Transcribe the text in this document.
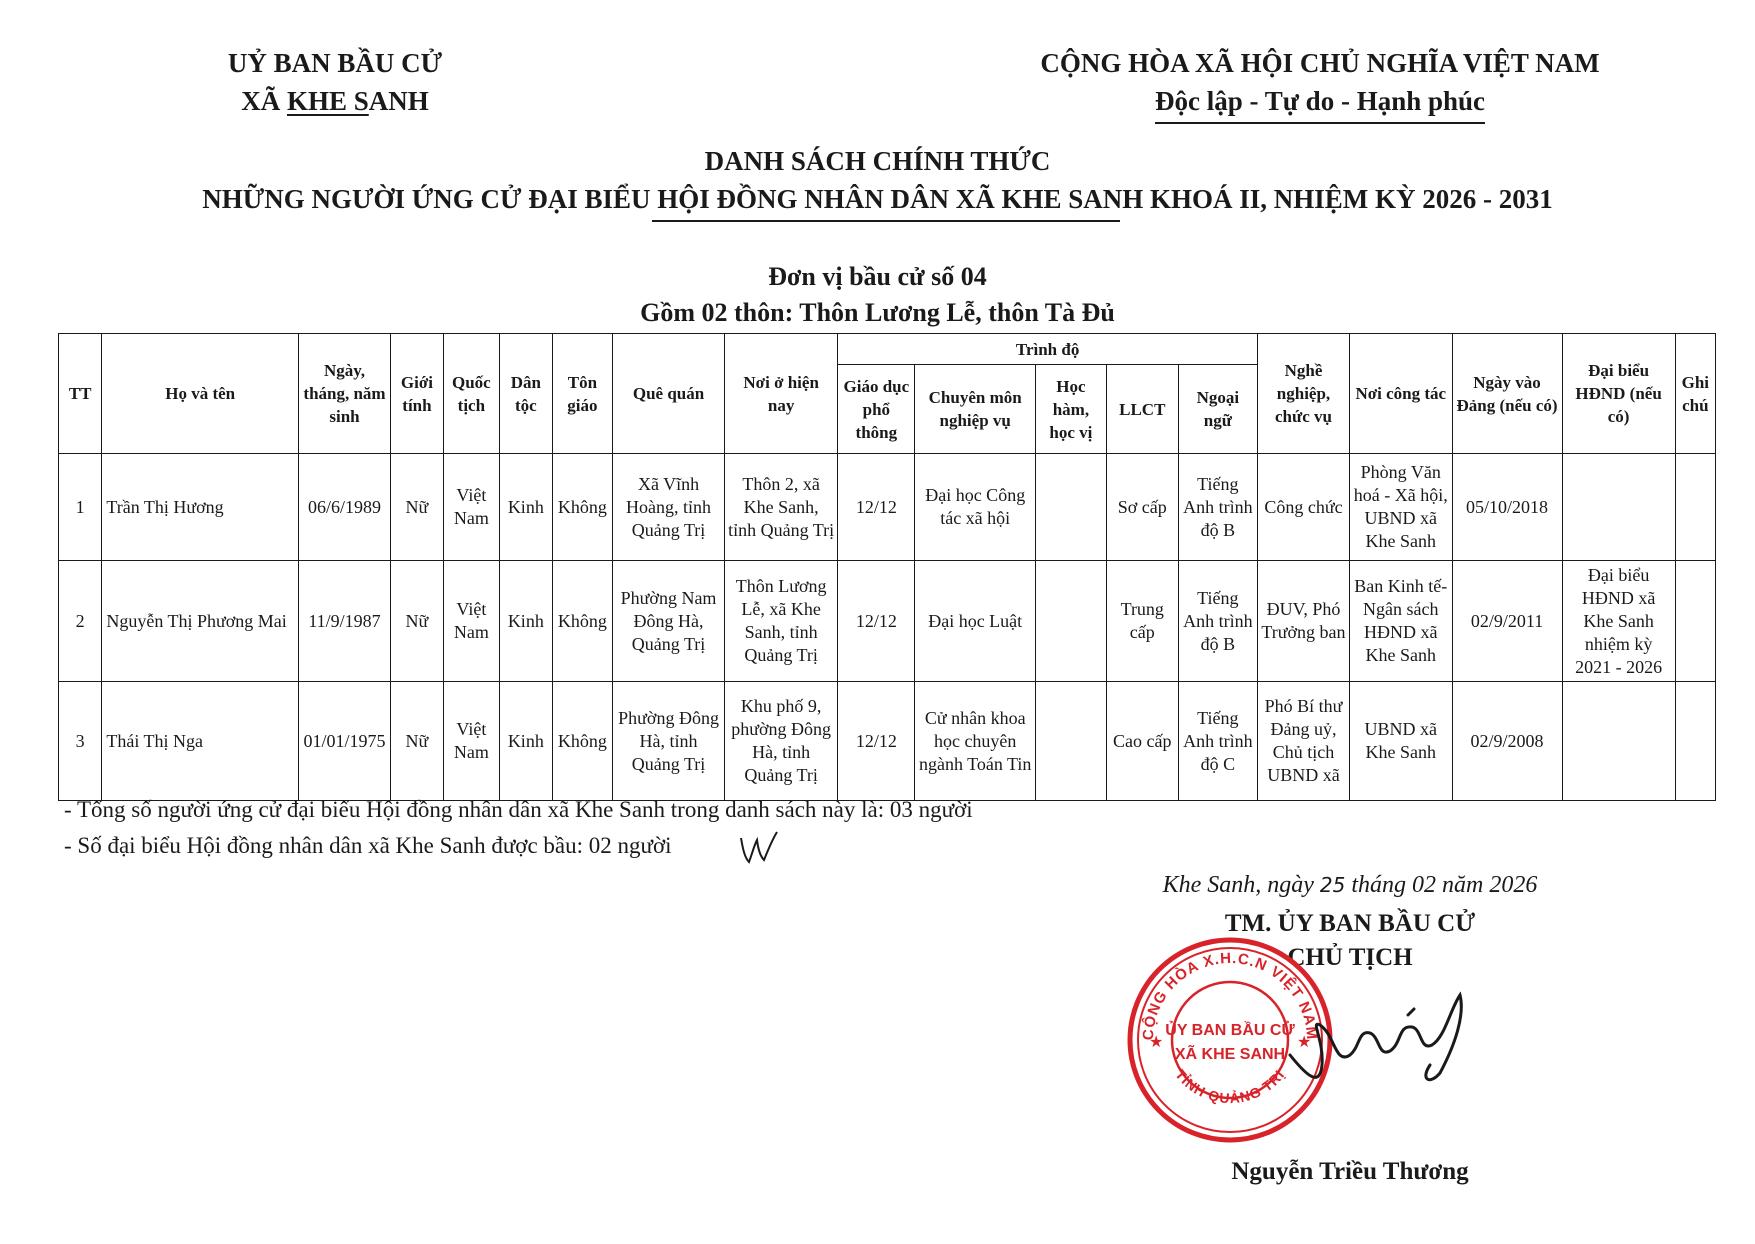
UỶ BAN BẦU CỬ
XÃ KHE SANH
CỘNG HÒA XÃ HỘI CHỦ NGHĨA VIỆT NAM
Độc lập - Tự do - Hạnh phúc
DANH SÁCH CHÍNH THỨC
NHỮNG NGƯỜI ỨNG CỬ ĐẠI BIỂU HỘI ĐỒNG NHÂN DÂN XÃ KHE SANH KHOÁ II, NHIỆM KỲ 2026 - 2031
Đơn vị bầu cử số 04
Gồm 02 thôn: Thôn Lương Lễ, thôn Tà Đủ
TT	Họ và tên	Ngày, tháng, năm sinh	Giới tính	Quốc tịch	Dân tộc	Tôn giáo	Quê quán	Nơi ở hiện nay	Trình độ					Nghề nghiệp, chức vụ	Nơi công tác	Ngày vào Đảng (nếu có)	Đại biểu HĐND (nếu có)	Ghi chú
									Giáo dục phổ thông	Chuyên môn nghiệp vụ	Học hàm, học vị	LLCT	Ngoại ngữ					
1	Trần Thị Hương	06/6/1989	Nữ	Việt Nam	Kinh	Không	Xã Vĩnh Hoàng, tỉnh Quảng Trị	Thôn 2, xã Khe Sanh, tỉnh Quảng Trị	12/12	Đại học Công tác xã hội		Sơ cấp	Tiếng Anh trình độ B	Công chức	Phòng Văn hoá - Xã hội, UBND xã Khe Sanh	05/10/2018		
2	Nguyễn Thị Phương Mai	11/9/1987	Nữ	Việt Nam	Kinh	Không	Phường Nam Đông Hà, Quảng Trị	Thôn Lương Lễ, xã Khe Sanh, tỉnh Quảng Trị	12/12	Đại học Luật		Trung cấp	Tiếng Anh trình độ B	ĐUV, Phó Trưởng ban	Ban Kinh tế-Ngân sách HĐND xã Khe Sanh	02/9/2011	Đại biểu HĐND xã Khe Sanh nhiệm kỳ 2021 - 2026	
3	Thái Thị Nga	01/01/1975	Nữ	Việt Nam	Kinh	Không	Phường Đông Hà, tỉnh Quảng Trị	Khu phố 9, phường Đông Hà, tỉnh Quảng Trị	12/12	Cử nhân khoa học chuyên ngành Toán Tin		Cao cấp	Tiếng Anh trình độ C	Phó Bí thư Đảng uỷ, Chủ tịch UBND xã	UBND xã Khe Sanh	02/9/2008		
- Tổng số người ứng cử đại biểu Hội đồng nhân dân xã Khe Sanh trong danh sách này là: 03 người
- Số đại biểu Hội đồng nhân dân xã Khe Sanh được bầu: 02 người
Khe Sanh, ngày 25 tháng 02 năm 2026
TM. ỦY BAN BẦU CỬ
CHỦ TỊCH
CỘNG HÒA X.H.C.N VIỆT NAM
TỈNH QUẢNG TRỊ
ỦY BAN BẦU CỬ
XÃ KHE SANH
★	★
Nguyễn Triều Thương
